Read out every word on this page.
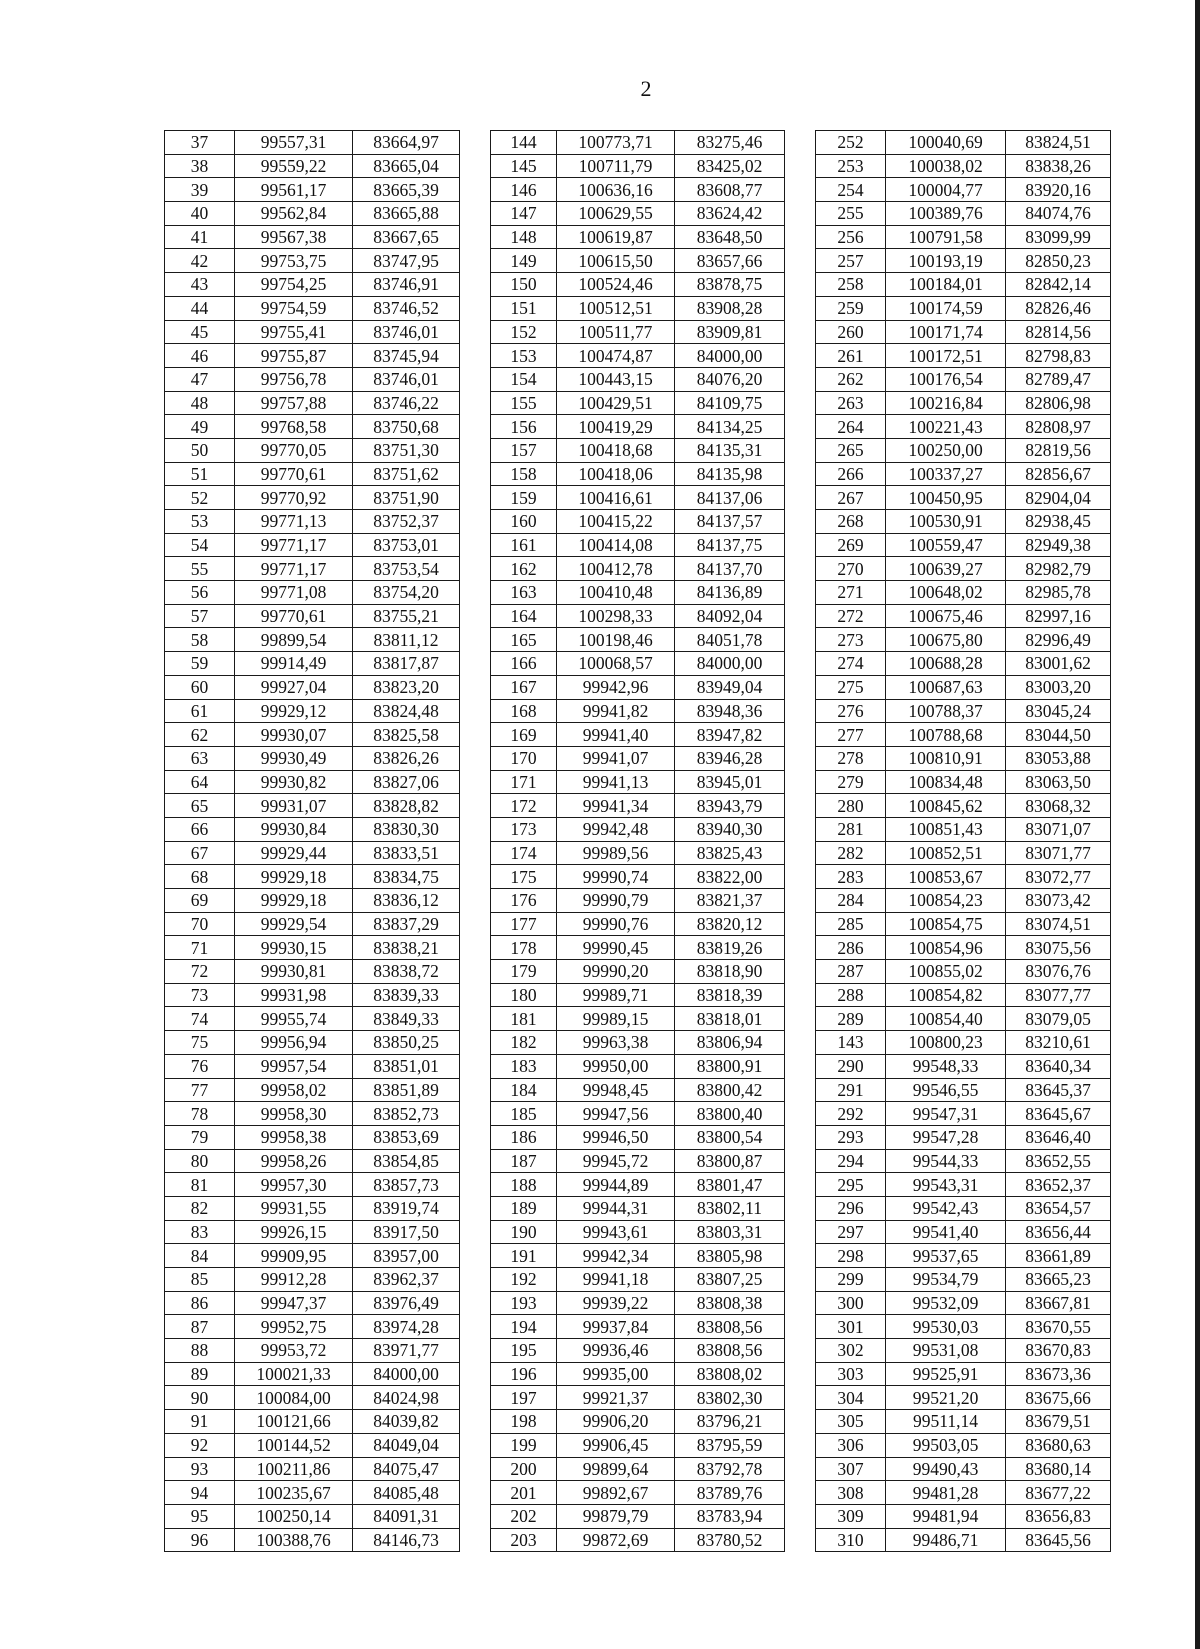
2
37	99557,31	83664,97		144	100773,71	83275,46		252	100040,69	83824,51
38	99559,22	83665,04		145	100711,79	83425,02		253	100038,02	83838,26
39	99561,17	83665,39		146	100636,16	83608,77		254	100004,77	83920,16
40	99562,84	83665,88		147	100629,55	83624,42		255	100389,76	84074,76
41	99567,38	83667,65		148	100619,87	83648,50		256	100791,58	83099,99
42	99753,75	83747,95		149	100615,50	83657,66		257	100193,19	82850,23
43	99754,25	83746,91		150	100524,46	83878,75		258	100184,01	82842,14
44	99754,59	83746,52		151	100512,51	83908,28		259	100174,59	82826,46
45	99755,41	83746,01		152	100511,77	83909,81		260	100171,74	82814,56
46	99755,87	83745,94		153	100474,87	84000,00		261	100172,51	82798,83
47	99756,78	83746,01		154	100443,15	84076,20		262	100176,54	82789,47
48	99757,88	83746,22		155	100429,51	84109,75		263	100216,84	82806,98
49	99768,58	83750,68		156	100419,29	84134,25		264	100221,43	82808,97
50	99770,05	83751,30		157	100418,68	84135,31		265	100250,00	82819,56
51	99770,61	83751,62		158	100418,06	84135,98		266	100337,27	82856,67
52	99770,92	83751,90		159	100416,61	84137,06		267	100450,95	82904,04
53	99771,13	83752,37		160	100415,22	84137,57		268	100530,91	82938,45
54	99771,17	83753,01		161	100414,08	84137,75		269	100559,47	82949,38
55	99771,17	83753,54		162	100412,78	84137,70		270	100639,27	82982,79
56	99771,08	83754,20		163	100410,48	84136,89		271	100648,02	82985,78
57	99770,61	83755,21		164	100298,33	84092,04		272	100675,46	82997,16
58	99899,54	83811,12		165	100198,46	84051,78		273	100675,80	82996,49
59	99914,49	83817,87		166	100068,57	84000,00		274	100688,28	83001,62
60	99927,04	83823,20		167	99942,96	83949,04		275	100687,63	83003,20
61	99929,12	83824,48		168	99941,82	83948,36		276	100788,37	83045,24
62	99930,07	83825,58		169	99941,40	83947,82		277	100788,68	83044,50
63	99930,49	83826,26		170	99941,07	83946,28		278	100810,91	83053,88
64	99930,82	83827,06		171	99941,13	83945,01		279	100834,48	83063,50
65	99931,07	83828,82		172	99941,34	83943,79		280	100845,62	83068,32
66	99930,84	83830,30		173	99942,48	83940,30		281	100851,43	83071,07
67	99929,44	83833,51		174	99989,56	83825,43		282	100852,51	83071,77
68	99929,18	83834,75		175	99990,74	83822,00		283	100853,67	83072,77
69	99929,18	83836,12		176	99990,79	83821,37		284	100854,23	83073,42
70	99929,54	83837,29		177	99990,76	83820,12		285	100854,75	83074,51
71	99930,15	83838,21		178	99990,45	83819,26		286	100854,96	83075,56
72	99930,81	83838,72		179	99990,20	83818,90		287	100855,02	83076,76
73	99931,98	83839,33		180	99989,71	83818,39		288	100854,82	83077,77
74	99955,74	83849,33		181	99989,15	83818,01		289	100854,40	83079,05
75	99956,94	83850,25		182	99963,38	83806,94		143	100800,23	83210,61
76	99957,54	83851,01		183	99950,00	83800,91		290	99548,33	83640,34
77	99958,02	83851,89		184	99948,45	83800,42		291	99546,55	83645,37
78	99958,30	83852,73		185	99947,56	83800,40		292	99547,31	83645,67
79	99958,38	83853,69		186	99946,50	83800,54		293	99547,28	83646,40
80	99958,26	83854,85		187	99945,72	83800,87		294	99544,33	83652,55
81	99957,30	83857,73		188	99944,89	83801,47		295	99543,31	83652,37
82	99931,55	83919,74		189	99944,31	83802,11		296	99542,43	83654,57
83	99926,15	83917,50		190	99943,61	83803,31		297	99541,40	83656,44
84	99909,95	83957,00		191	99942,34	83805,98		298	99537,65	83661,89
85	99912,28	83962,37		192	99941,18	83807,25		299	99534,79	83665,23
86	99947,37	83976,49		193	99939,22	83808,38		300	99532,09	83667,81
87	99952,75	83974,28		194	99937,84	83808,56		301	99530,03	83670,55
88	99953,72	83971,77		195	99936,46	83808,56		302	99531,08	83670,83
89	100021,33	84000,00		196	99935,00	83808,02		303	99525,91	83673,36
90	100084,00	84024,98		197	99921,37	83802,30		304	99521,20	83675,66
91	100121,66	84039,82		198	99906,20	83796,21		305	99511,14	83679,51
92	100144,52	84049,04		199	99906,45	83795,59		306	99503,05	83680,63
93	100211,86	84075,47		200	99899,64	83792,78		307	99490,43	83680,14
94	100235,67	84085,48		201	99892,67	83789,76		308	99481,28	83677,22
95	100250,14	84091,31		202	99879,79	83783,94		309	99481,94	83656,83
96	100388,76	84146,73		203	99872,69	83780,52		310	99486,71	83645,56
